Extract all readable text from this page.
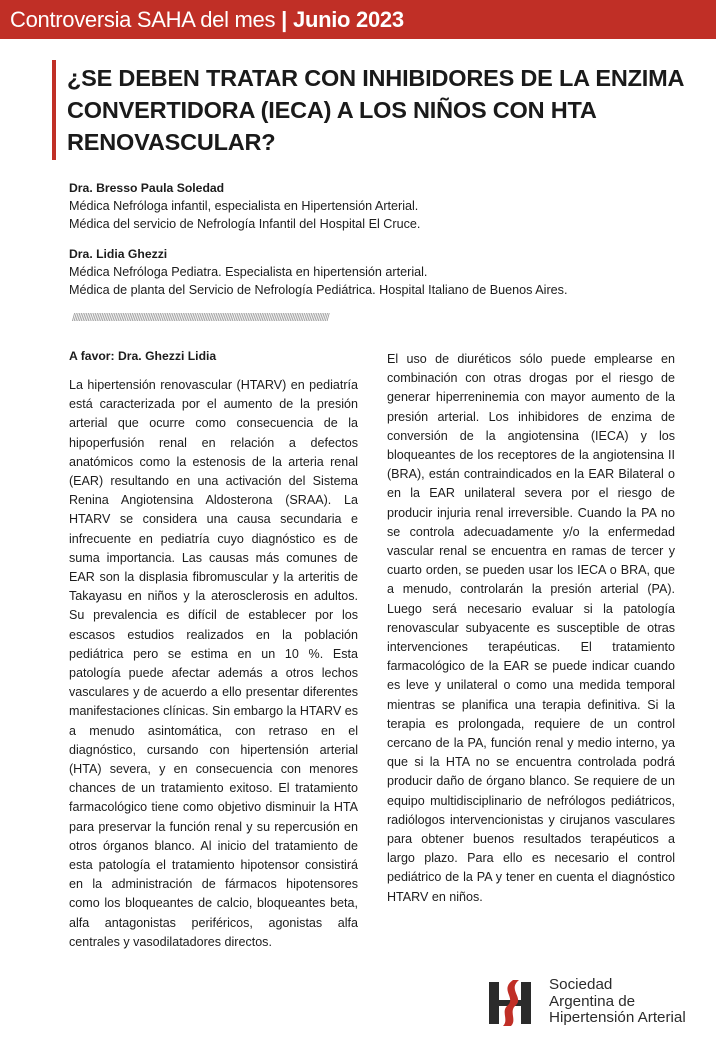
Controversia SAHA del mes | Junio 2023
¿SE DEBEN TRATAR CON INHIBIDORES DE LA ENZIMA CONVERTIDORA (IECA) A LOS NIÑOS CON HTA RENOVASCULAR?
Dra. Bresso Paula Soledad
Médica Nefróloga infantil, especialista en Hipertensión Arterial.
Médica del servicio de Nefrología Infantil del Hospital El Cruce.
Dra. Lidia Ghezzi
Médica Nefróloga Pediatra. Especialista en hipertensión arterial.
Médica de planta del Servicio de Nefrología Pediátrica. Hospital Italiano de Buenos Aires.
//////////////////////////////////////////////////////////////////////////////////////////////////////////////////////////////////////////////////
A favor: Dra. Ghezzi Lidia

La hipertensión renovascular (HTARV) en pediatría está caracterizada por el aumento de la presión arterial que ocurre como consecuencia de la hipoperfusión renal en relación a defectos anatómicos como la estenosis de la arteria renal (EAR) resultando en una activación del Sistema Renina Angiotensina Aldosterona (SRAA). La HTARV se considera una causa secundaria e infrecuente en pediatría cuyo diagnóstico es de suma importancia. Las causas más comunes de EAR son la displasia fibromuscular y la arteritis de Takayasu en niños y la aterosclerosis en adultos. Su prevalencia es difícil de establecer por los escasos estudios realizados en la población pediátrica pero se estima en un 10 %. Esta patología puede afectar además a otros lechos vasculares y de acuerdo a ello presentar diferentes manifestaciones clínicas. Sin embargo la HTARV es a menudo asintomática, con retraso en el diagnóstico, cursando con hipertensión arterial (HTA) severa, y en consecuencia con menores chances de un tratamiento exitoso. El tratamiento farmacológico tiene como objetivo disminuir la HTA para preservar la función renal y su repercusión en otros órganos blanco. Al inicio del tratamiento de esta patología el tratamiento hipotensor consistirá en la administración de fármacos hipotensores como los bloqueantes de calcio, bloqueantes beta, alfa antagonistas periféricos, agonistas alfa centrales y vasodilatadores directos.

El uso de diuréticos sólo puede emplearse en combinación con otras drogas por el riesgo de generar hiperreninemia con mayor aumento de la presión arterial. Los inhibidores de enzima de conversión de la angiotensina (IECA) y los bloqueantes de los receptores de la angiotensina II (BRA), están contraindicados en la EAR Bilateral o en la EAR unilateral severa por el riesgo de producir injuria renal irreversible. Cuando la PA no se controla adecuadamente y/o la enfermedad vascular renal se encuentra en ramas de tercer y cuarto orden, se pueden usar los IECA o BRA, que a menudo, controlarán la presión arterial (PA). Luego será necesario evaluar si la patología renovascular subyacente es susceptible de otras intervenciones terapéuticas. El tratamiento farmacológico de la EAR se puede indicar cuando es leve y unilateral o como una medida temporal mientras se planifica una terapia definitiva. Si la terapia es prolongada, requiere de un control cercano de la PA, función renal y medio interno, ya que si la HTA no se encuentra controlada podrá producir daño de órgano blanco. Se requiere de un equipo multidisciplinario de nefrólogos pediátricos, radiólogos intervencionistas y cirujanos vasculares para obtener buenos resultados terapéuticos a largo plazo. Para ello es necesario el control pediátrico de la PA y tener en cuenta el diagnóstico HTARV en niños.

Sociedad
Argentina de
Hipertensión Arterial
